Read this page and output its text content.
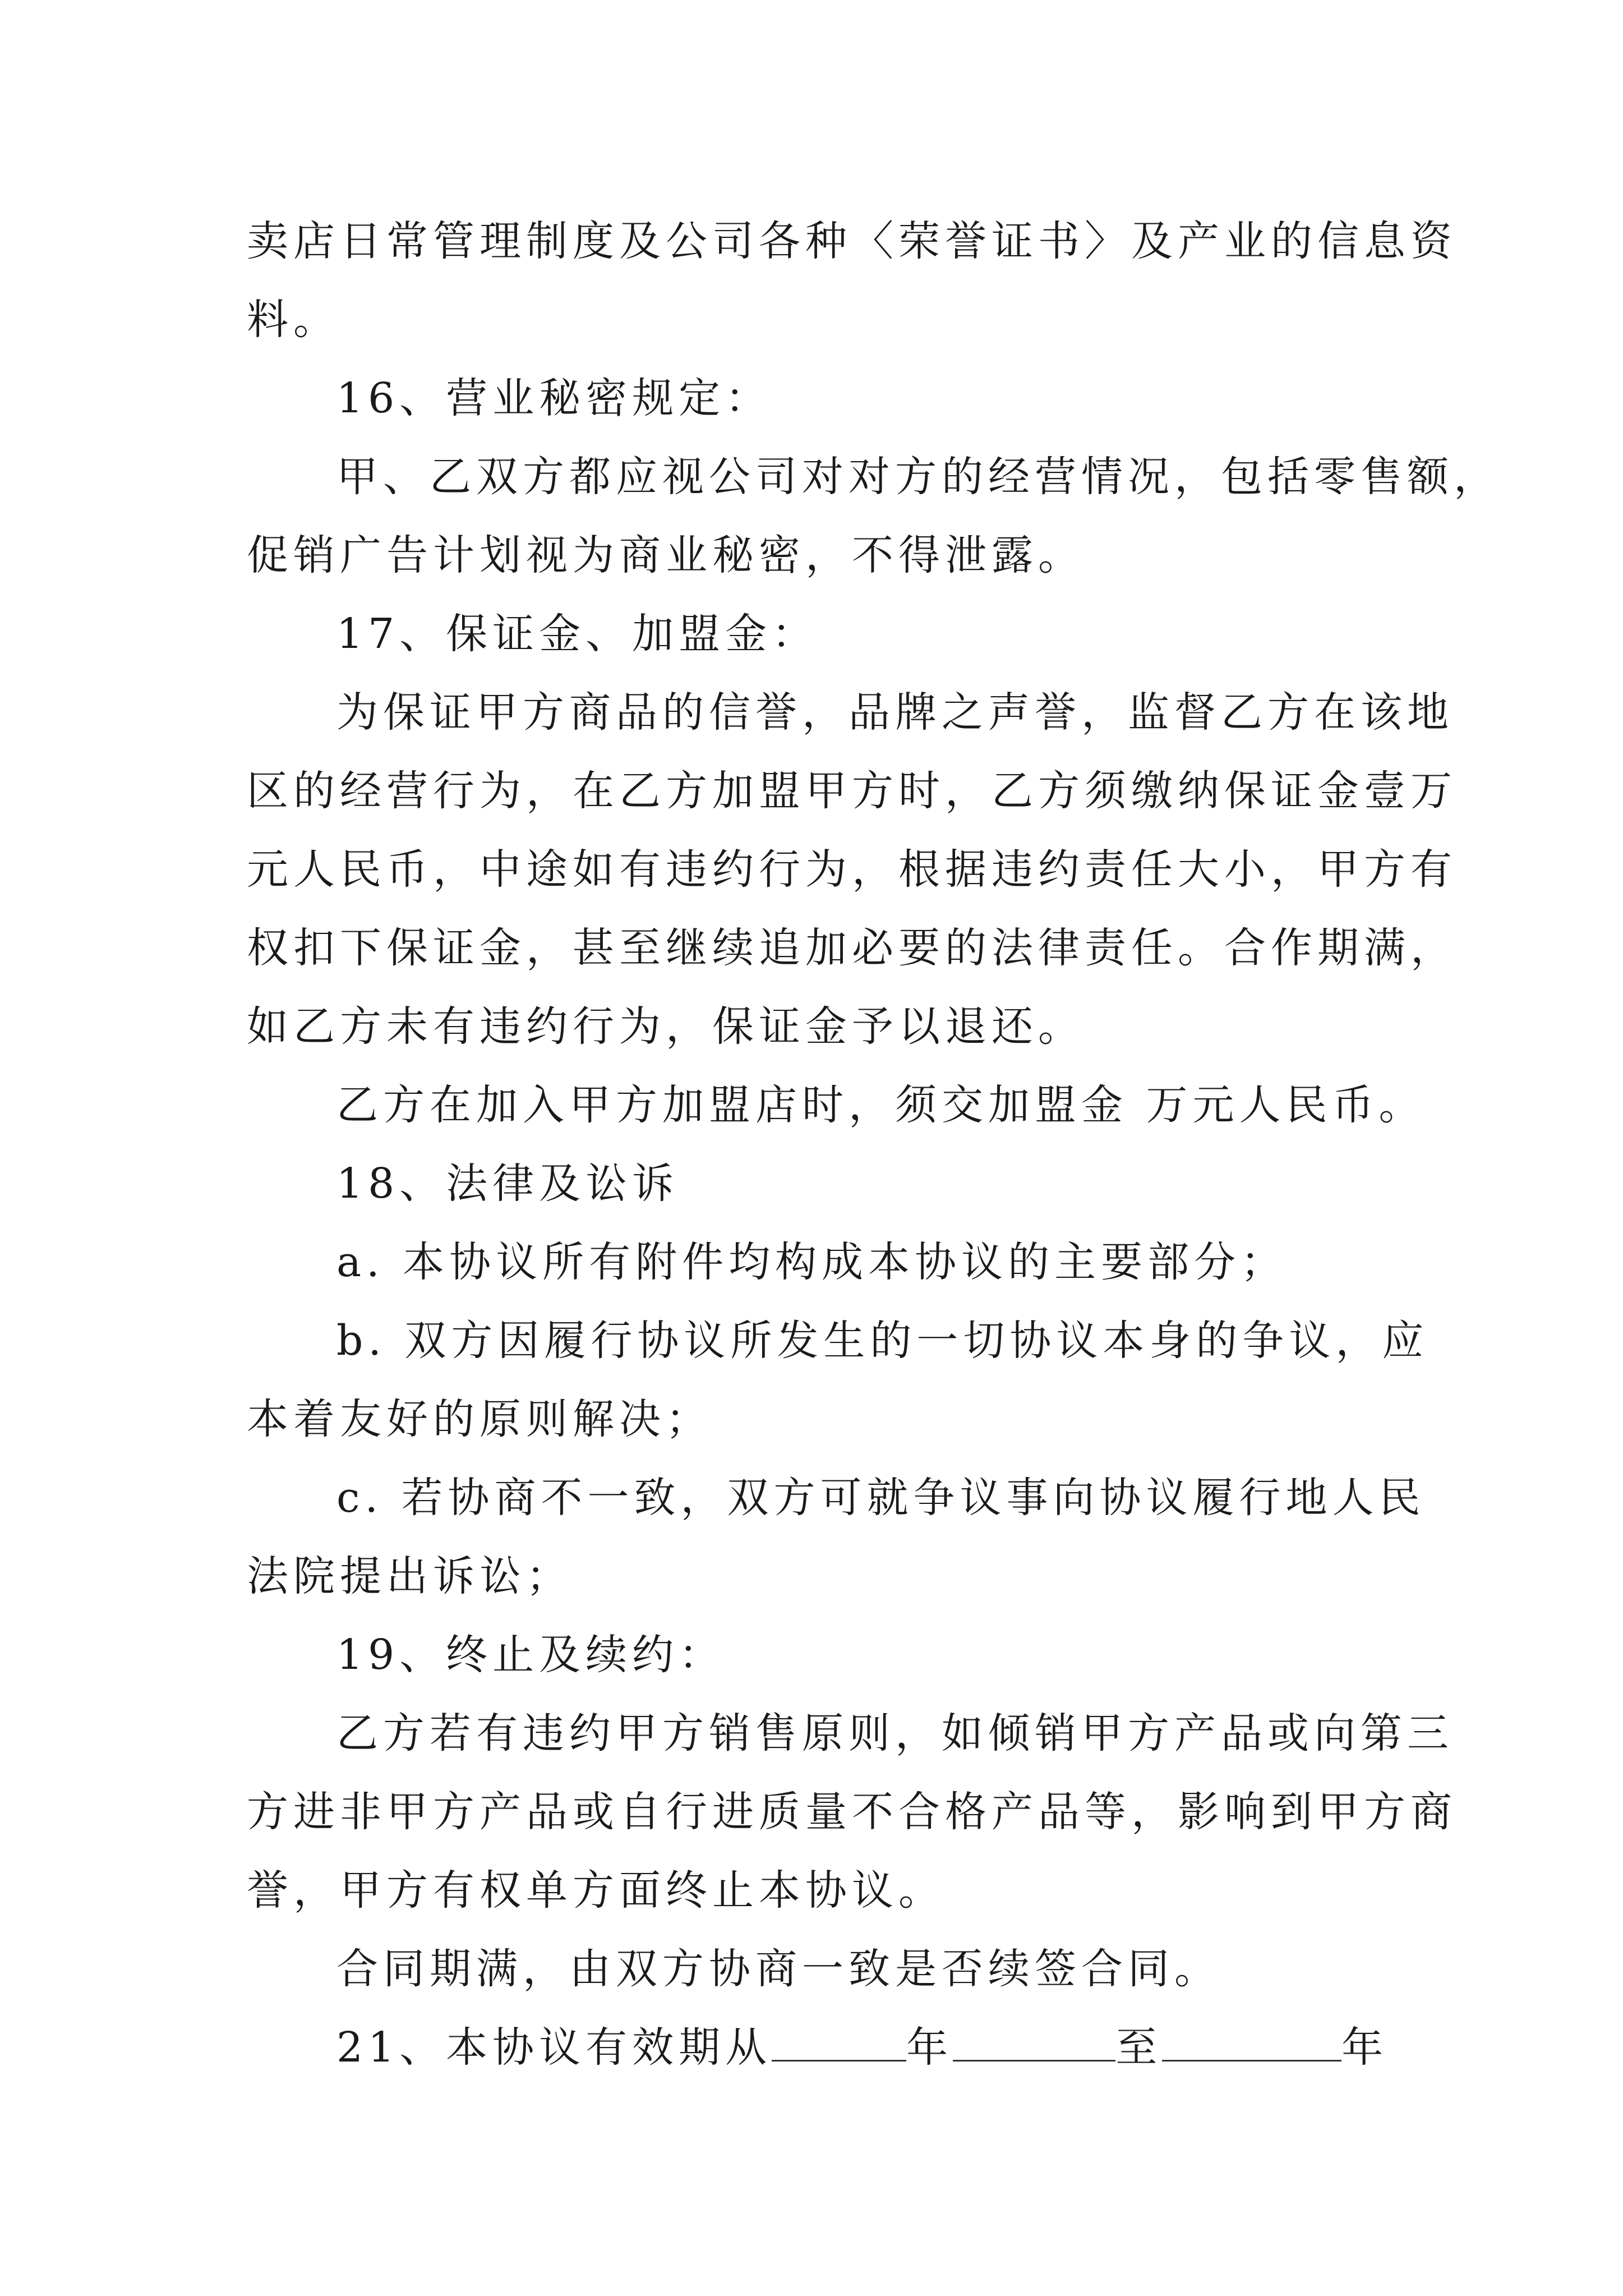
卖店日常管理制度及公司各种〈荣誉证书〉及产业的信息资
料。
16、营业秘密规定：
甲、乙双方都应视公司对对方的经营情况，包括零售额，
促销广告计划视为商业秘密，不得泄露。
17、保证金、加盟金：
为保证甲方商品的信誉，品牌之声誉，监督乙方在该地
区的经营行为，在乙方加盟甲方时，乙方须缴纳保证金壹万
元人民币，中途如有违约行为，根据违约责任大小，甲方有
权扣下保证金，甚至继续追加必要的法律责任。合作期满，
如乙方未有违约行为，保证金予以退还。
乙方在加入甲方加盟店时，须交加盟金 万元人民币。
18、法律及讼诉
a. 本协议所有附件均构成本协议的主要部分；
b. 双方因履行协议所发生的一切协议本身的争议，应
本着友好的原则解决；
c. 若协商不一致，双方可就争议事向协议履行地人民
法院提出诉讼；
19、终止及续约：
乙方若有违约甲方销售原则，如倾销甲方产品或向第三
方进非甲方产品或自行进质量不合格产品等，影响到甲方商
誉，甲方有权单方面终止本协议。
合同期满，由双方协商一致是否续签合同。
21、本协议有效期从	年	至	年
